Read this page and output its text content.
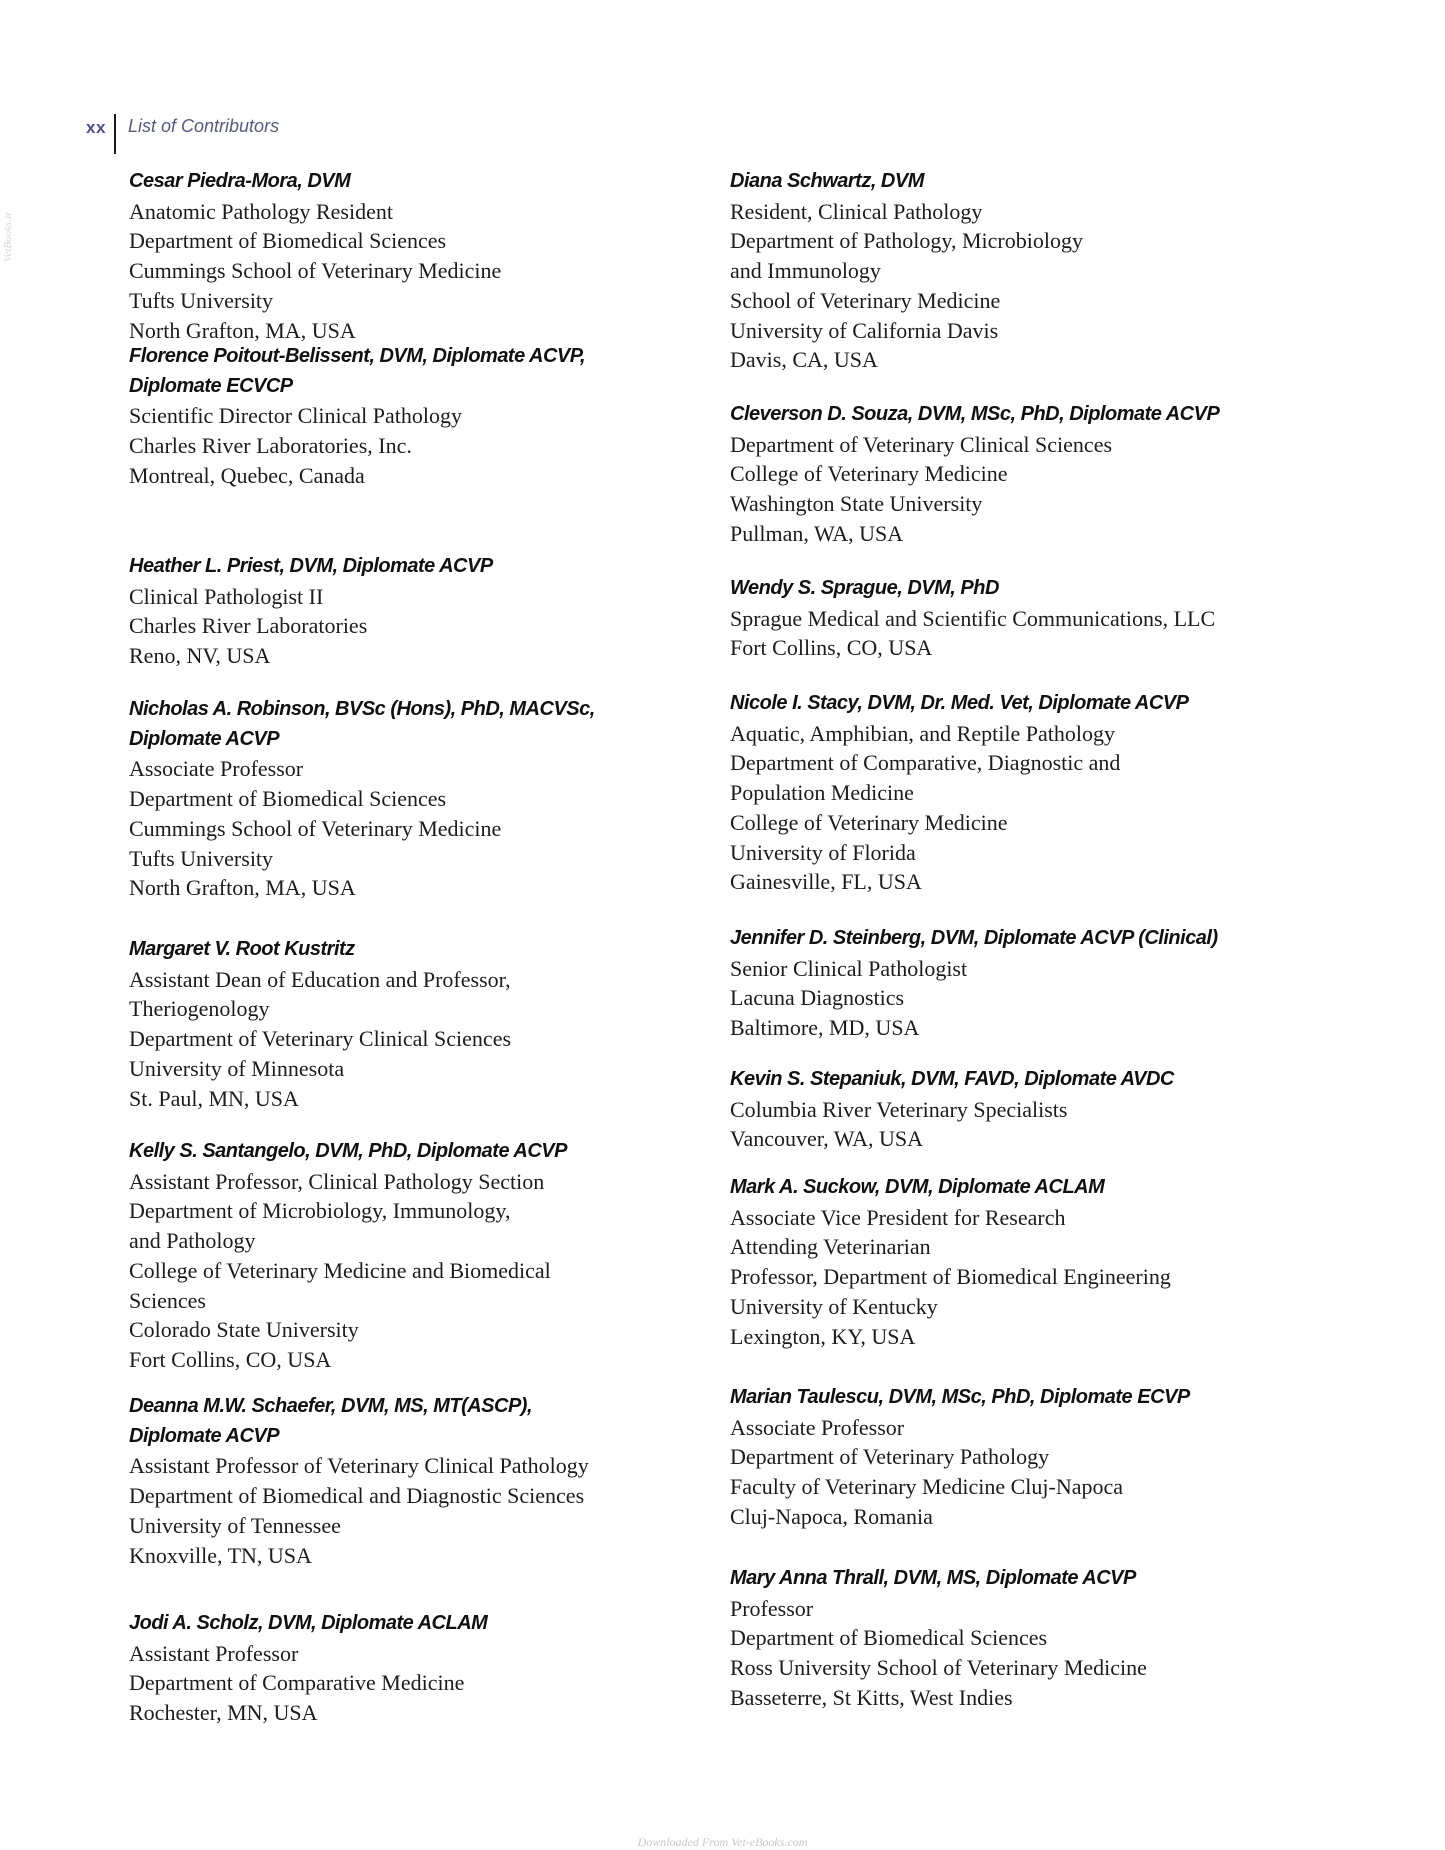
xx List of Contributors
VetBooks.ir
Cesar Piedra-Mora, DVM
Anatomic Pathology Resident
Department of Biomedical Sciences
Cummings School of Veterinary Medicine
Tufts University
North Grafton, MA, USA
Florence Poitout-Belissent, DVM, Diplomate ACVP,
Diplomate ECVCP
Scientific Director Clinical Pathology
Charles River Laboratories, Inc.
Montreal, Quebec, Canada
Heather L. Priest, DVM, Diplomate ACVP
Clinical Pathologist II
Charles River Laboratories
Reno, NV, USA
Nicholas A. Robinson, BVSc (Hons), PhD, MACVSc,
Diplomate ACVP
Associate Professor
Department of Biomedical Sciences
Cummings School of Veterinary Medicine
Tufts University
North Grafton, MA, USA
Margaret V. Root Kustritz
Assistant Dean of Education and Professor,
Theriogenology
Department of Veterinary Clinical Sciences
University of Minnesota
St. Paul, MN, USA
Kelly S. Santangelo, DVM, PhD, Diplomate ACVP
Assistant Professor, Clinical Pathology Section
Department of Microbiology, Immunology,
and Pathology
College of Veterinary Medicine and Biomedical
Sciences
Colorado State University
Fort Collins, CO, USA
Deanna M.W. Schaefer, DVM, MS, MT(ASCP),
Diplomate ACVP
Assistant Professor of Veterinary Clinical Pathology
Department of Biomedical and Diagnostic Sciences
University of Tennessee
Knoxville, TN, USA
Jodi A. Scholz, DVM, Diplomate ACLAM
Assistant Professor
Department of Comparative Medicine
Rochester, MN, USA
Diana Schwartz, DVM
Resident, Clinical Pathology
Department of Pathology, Microbiology
and Immunology
School of Veterinary Medicine
University of California Davis
Davis, CA, USA
Cleverson D. Souza, DVM, MSc, PhD, Diplomate ACVP
Department of Veterinary Clinical Sciences
College of Veterinary Medicine
Washington State University
Pullman, WA, USA
Wendy S. Sprague, DVM, PhD
Sprague Medical and Scientific Communications, LLC
Fort Collins, CO, USA
Nicole I. Stacy, DVM, Dr. Med. Vet, Diplomate ACVP
Aquatic, Amphibian, and Reptile Pathology
Department of Comparative, Diagnostic and
Population Medicine
College of Veterinary Medicine
University of Florida
Gainesville, FL, USA
Jennifer D. Steinberg, DVM, Diplomate ACVP (Clinical)
Senior Clinical Pathologist
Lacuna Diagnostics
Baltimore, MD, USA
Kevin S. Stepaniuk, DVM, FAVD, Diplomate AVDC
Columbia River Veterinary Specialists
Vancouver, WA, USA
Mark A. Suckow, DVM, Diplomate ACLAM
Associate Vice President for Research
Attending Veterinarian
Professor, Department of Biomedical Engineering
University of Kentucky
Lexington, KY, USA
Marian Taulescu, DVM, MSc, PhD, Diplomate ECVP
Associate Professor
Department of Veterinary Pathology
Faculty of Veterinary Medicine Cluj-Napoca
Cluj-Napoca, Romania
Mary Anna Thrall, DVM, MS, Diplomate ACVP
Professor
Department of Biomedical Sciences
Ross University School of Veterinary Medicine
Basseterre, St Kitts, West Indies
Downloaded From Vet-eBooks.com
